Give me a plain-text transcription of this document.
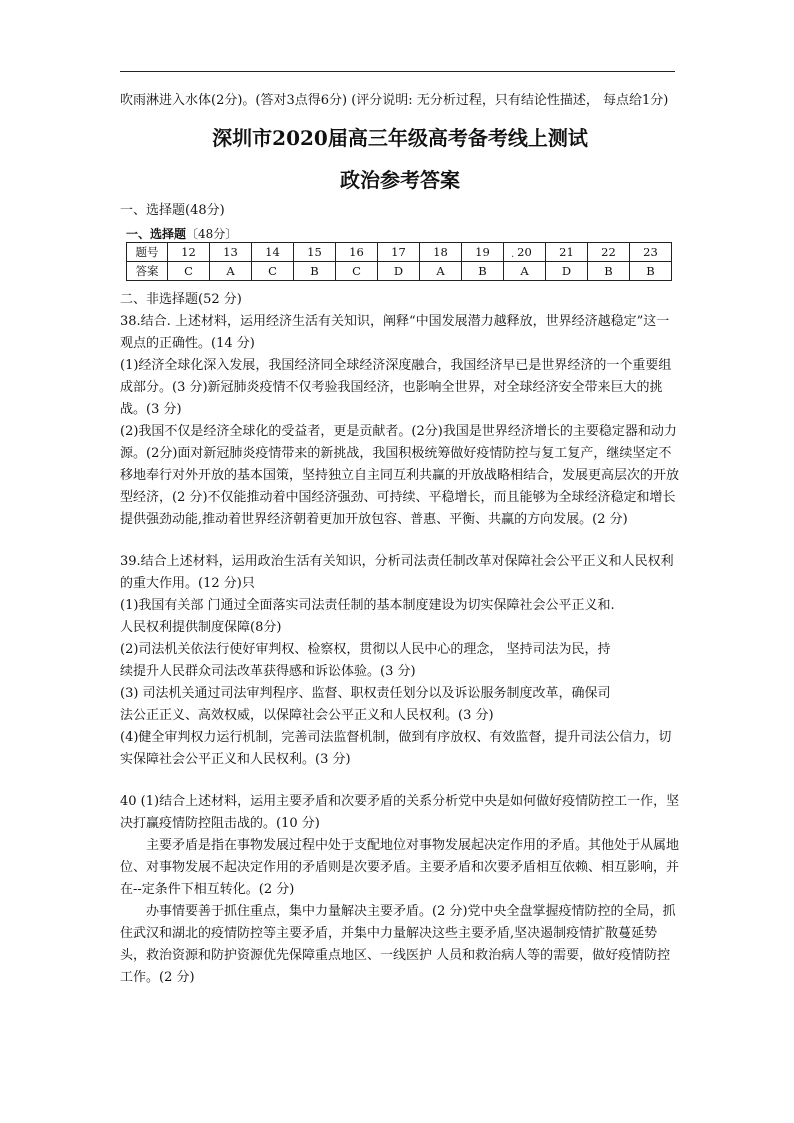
·

吹雨淋进入水体(2分)。(答对3点得6分) (评分说明: 无分析过程，只有结论性描述， 每点给1分)

深圳市2020届高三年级高考备考线上测试
政治参考答案

一、选择题(48分)

一、选择题〔48分〕

题号	12	13	14	15	16	17	18	19	20	21	22	23
答案	C	A	C	B	C	D	A	B	A	D	B	B

二、非选择题(52 分)

38.结合. 上述材料，运用经济生活有关知识，阐释“中国发展潜力越释放，世界经济越稳定”这一观点的正确性。(14 分)

(1)经济全球化深入发展，我国经济同全球经济深度融合，我国经济早已是世界经济的一个重要组成部分。(3 分)新冠肺炎疫情不仅考验我国经济，也影响全世界，对全球经济安全带来巨大的挑战。(3 分)

(2)我国不仅是经济全球化的受益者，更是贡献者。(2分)我国是世界经济增长的主要稳定器和动力源。(2分)面对新冠肺炎疫情带来的新挑战，我国积极统筹做好疫情防控与复工复产，继续坚定不移地奉行对外开放的基本国策，坚持独立自主同互利共赢的开放战略相结合，发展更高层次的开放型经济，(2 分)不仅能推动着中国经济强劲、可持续、平稳增长，而且能够为全球经济稳定和增长提供强劲动能,推动着世界经济朝着更加开放包容、普惠、平衡、共赢的方向发展。(2 分)

39.结合上述材料，运用政治生活有关知识，分析司法责任制改革对保障社会公平正义和人民权利的重大作用。(12 分)只

(1)我国有关部 门通过全面落实司法责任制的基本制度建设为切实保障社会公平正义和.

人民权利提供制度保障(8分)

(2)司法机关依法行使好审判权、检察权，贯彻以人民中心的理念， 坚持司法为民，持

续提升人民群众司法改革获得感和诉讼体验。(3 分)

(3) 司法机关通过司法审判程序、监督、职权责任划分以及诉讼服务制度改革，确保司

法公正正义、高效权威，以保障社会公平正义和人民权利。(3 分)

(4)健全审判权力运行机制，完善司法监督机制，做到有序放权、有效监督，提升司法公信力，切实保障社会公平正义和人民权利。(3 分)

40 (1)结合上述材料，运用主要矛盾和次要矛盾的关系分析党中央是如何做好疫情防控工一作，坚决打赢疫情防控阻击战的。(10 分)

主要矛盾是指在事物发展过程中处于支配地位对事物发展起决定作用的矛盾。其他处于从属地位、对事物发展不起决定作用的矛盾则是次要矛盾。主要矛盾和次要矛盾相互依赖、相互影响，并在--定条件下相互转化。(2 分)

办事情要善于抓住重点，集中力量解决主要矛盾。(2 分)党中央全盘掌握疫情防控的全局，抓住武汉和湖北的疫情防控等主要矛盾，并集中力量解决这些主要矛盾,坚决遏制疫情扩散蔓延势头，救治资源和防护资源优先保障重点地区、一线医护 人员和救治病人等的需要，做好疫情防控工作。(2 分)
